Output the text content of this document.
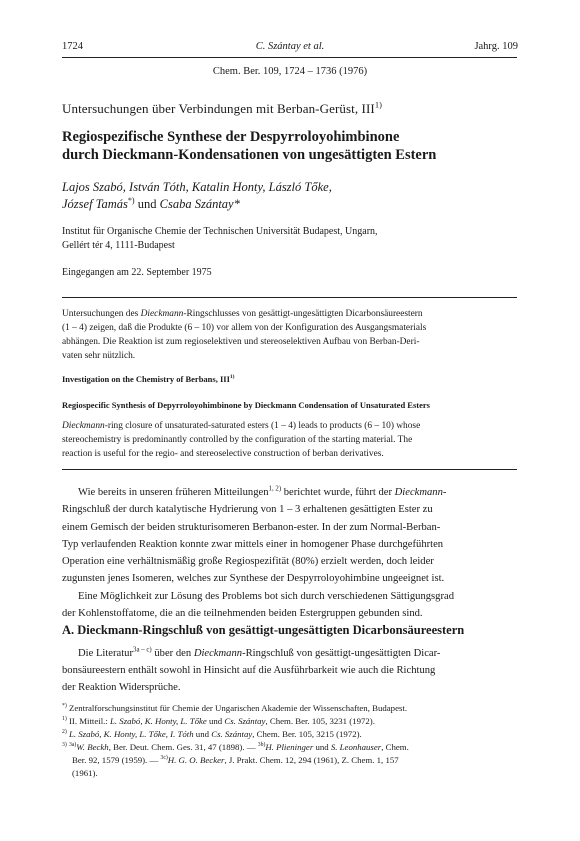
1724	C. Szántay et al.	Jahrg. 109
Chem. Ber. 109, 1724 – 1736 (1976)
Untersuchungen über Verbindungen mit Berban-Gerüst, III$^{1)}$
Regiospezifische Synthese der Despyrroloyohimbinone
durch Dieckmann-Kondensationen von ungesättigten Estern
Lajos Szabó, István Tóth, Katalin Honty, László Tőke,
József Tamás*) und Csaba Szántay*
Institut für Organische Chemie der Technischen Universität Budapest, Ungarn,
Gellért tér 4, 1111-Budapest
Eingegangen am 22. September 1975
Untersuchungen des Dieckmann-Ringschlusses von gesättigt-ungesättigten Dicarbonsäureestern
(1 – 4) zeigen, daß die Produkte (6 – 10) vor allem von der Konfiguration des Ausgangsmaterials
abhängen. Die Reaktion ist zum regioselektiven und stereoselektiven Aufbau von Berban-Deri-
vaten sehr nützlich.
Investigation on the Chemistry of Berbans, III$^{1)}$
Regiospecific Synthesis of Depyrroloyohimbinone by Dieckmann Condensation of Unsaturated Esters
Dieckmann-ring closure of unsaturated-saturated esters (1 – 4) leads to products (6 – 10) whose
stereochemistry is predominantly controlled by the configuration of the starting material. The
reaction is useful for the regio- and stereoselective construction of berban derivatives.
Wie bereits in unseren früheren Mitteilungen$^{1, 2)}$ berichtet wurde, führt der Dieckmann-
Ringschluß der durch katalytische Hydrierung von 1 – 3 erhaltenen gesättigten Ester zu
einem Gemisch der beiden strukturisomeren Berbanon-ester. In der zum Normal-Berban-
Typ verlaufenden Reaktion konnte zwar mittels einer in homogener Phase durchgeführten
Operation eine verhältnismäßig große Regiospezifität (80%) erzielt werden, doch leider
zugunsten jenes Isomeren, welches zur Synthese der Despyrroloyohimbine ungeeignet ist.
Eine Möglichkeit zur Lösung des Problems bot sich durch verschiedenen Sättigungsgrad
der Kohlenstoffatome, die an die teilnehmenden beiden Estergruppen gebunden sind.
A. Dieckmann-Ringschluß von gesättigt-ungesättigten Dicarbonsäureestern
Die Literatur$^{3a - c)}$ über den Dieckmann-Ringschluß von gesättigt-ungesättigten Dicar-
bonsäureestern enthält sowohl in Hinsicht auf die Ausführbarkeit wie auch die Richtung
der Reaktion Widersprüche.
*) Zentralforschungsinstitut für Chemie der Ungarischen Akademie der Wissenschaften, Budapest.
$^{1)}$ II. Mitteil.: L. Szabó, K. Honty, L. Tőke und Cs. Szántay, Chem. Ber. 105, 3231 (1972).
$^{2)}$ L. Szabó, K. Honty, L. Tőke, I. Tóth und Cs. Szántay, Chem. Ber. 105, 3215 (1972).
$^{3)}$ $^{3a)}$W. Beckh, Ber. Deut. Chem. Ges. 31, 47 (1898). — $^{3b)}$H. Plieninger und S. Leonhauser, Chem.
Ber. 92, 1579 (1959). — $^{3c)}$H. G. O. Becker, J. Prakt. Chem. 12, 294 (1961), Z. Chem. 1, 157
(1961).
